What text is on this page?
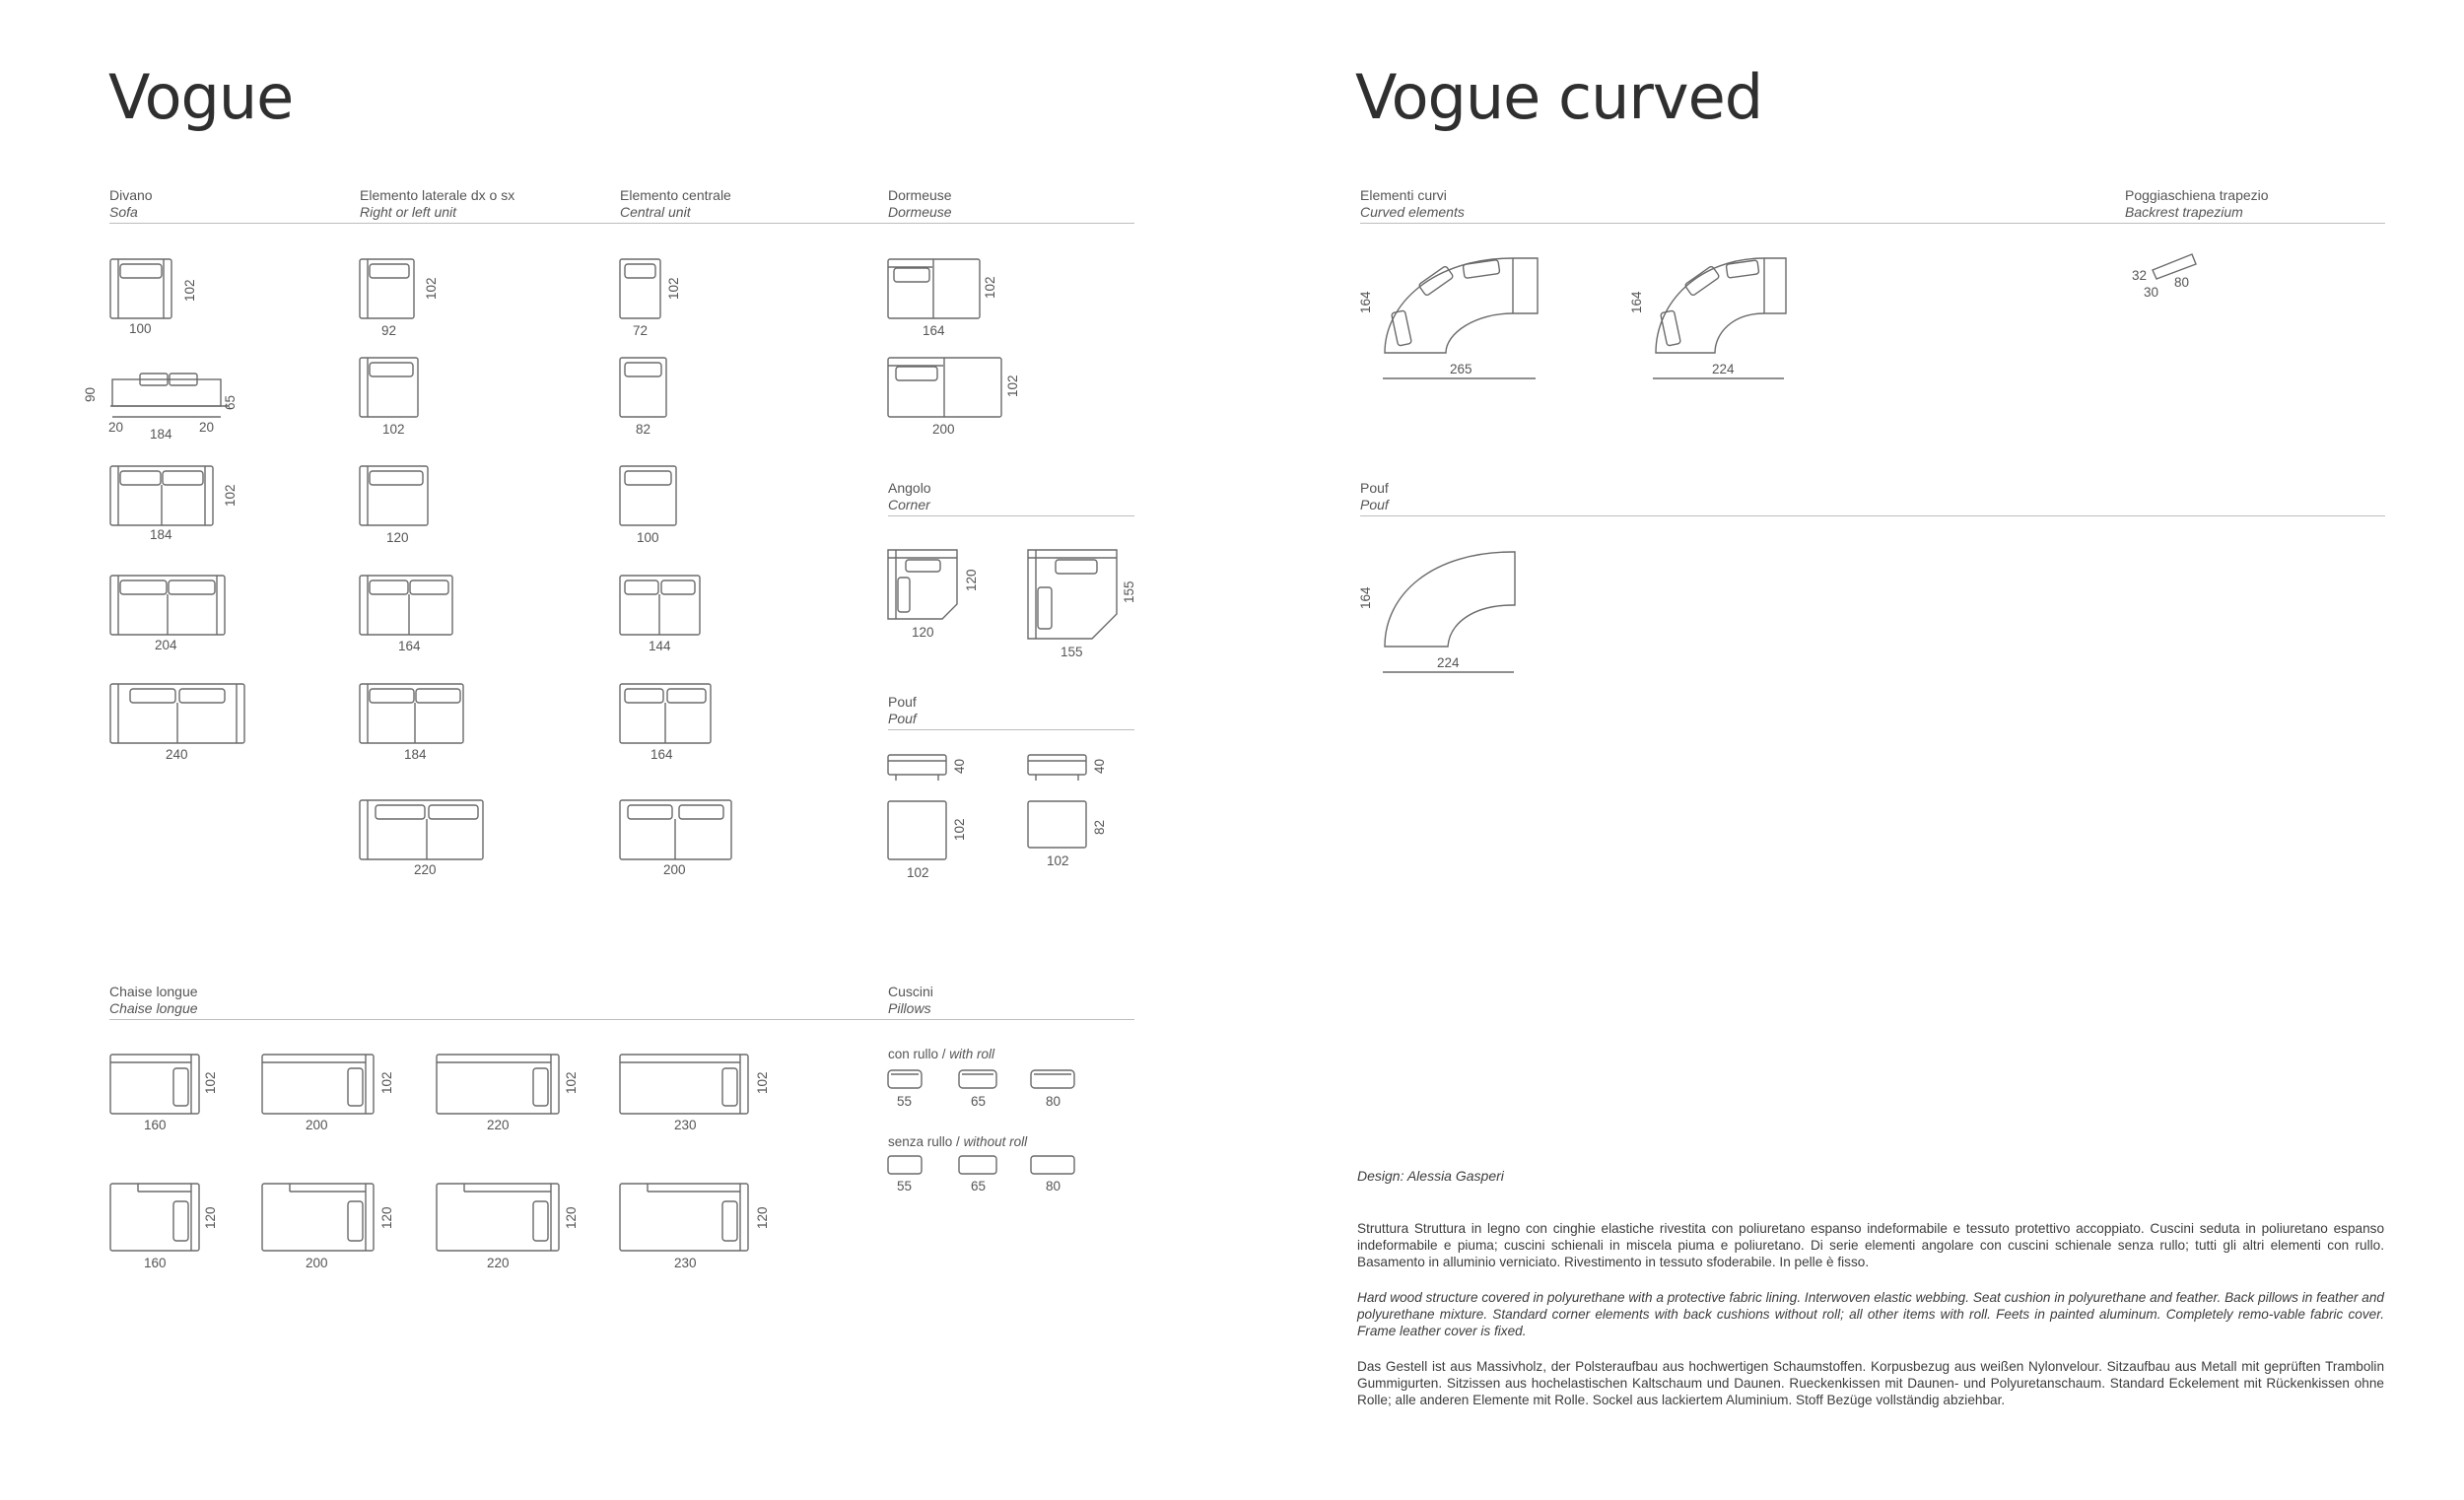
Vogue
Divano
Sofa
Elemento laterale dx o sx
Right or left unit
Elemento centrale
Central unit
Dormeuse
Dormeuse
102
100
90
65
20	20
184
102
184
204
240
102
92
102
120
164
184
220
102
72
82
100
144
164
200
102
164
102
200
Angolo
Corner
120
120
155
155
Pouf
Pouf
40	40
102
102
82
102
Chaise longue
Chaise longue
Cuscini
Pillows
102
160
102
200
102
220
102
230
120
160
120
200
120
220
120
230
con rullo / with roll
55	65	80
senza rullo / without roll
55	65	80
Vogue curved
Elementi curvi
Curved elements
Poggiaschiena trapezio
Backrest trapezium
164
265
164
224
32 80
30
Pouf
Pouf
164
224
Design: Alessia Gasperi
Struttura Struttura in legno con cinghie elastiche rivestita con poliuretano espanso indeformabile e tessuto protettivo accoppiato. Cuscini seduta in poliuretano espanso indeformabile e piuma; cuscini schienali in miscela piuma e poliuretano. Di serie elementi angolare con cuscini schienale senza rullo; tutti gli altri elementi con rullo. Basamento in alluminio verniciato. Rivestimento in tessuto sfoderabile. In pelle è fisso.
Hard wood structure covered in polyurethane with a protective fabric lining. Interwoven elastic webbing. Seat cushion in polyurethane and feather. Back pillows in feather and polyurethane mixture. Standard corner elements with back cushions without roll; all other items with roll. Feets in painted aluminum. Completely remo-vable fabric cover. Frame leather cover is fixed.
Das Gestell ist aus Massivholz, der Polsteraufbau aus hochwertigen Schaumstoffen. Korpusbezug aus weißen Nylonvelour. Sitzaufbau aus Metall mit geprüften Trambolin Gummigurten. Sitzissen aus hochelastischen Kaltschaum und Daunen. Rueckenkissen mit Daunen- und Polyuretanschaum. Standard Eckelement mit Rückenkissen ohne Rolle; alle anderen Elemente mit Rolle. Sockel aus lackiertem Aluminium. Stoff Bezüge vollständig abziehbar.
